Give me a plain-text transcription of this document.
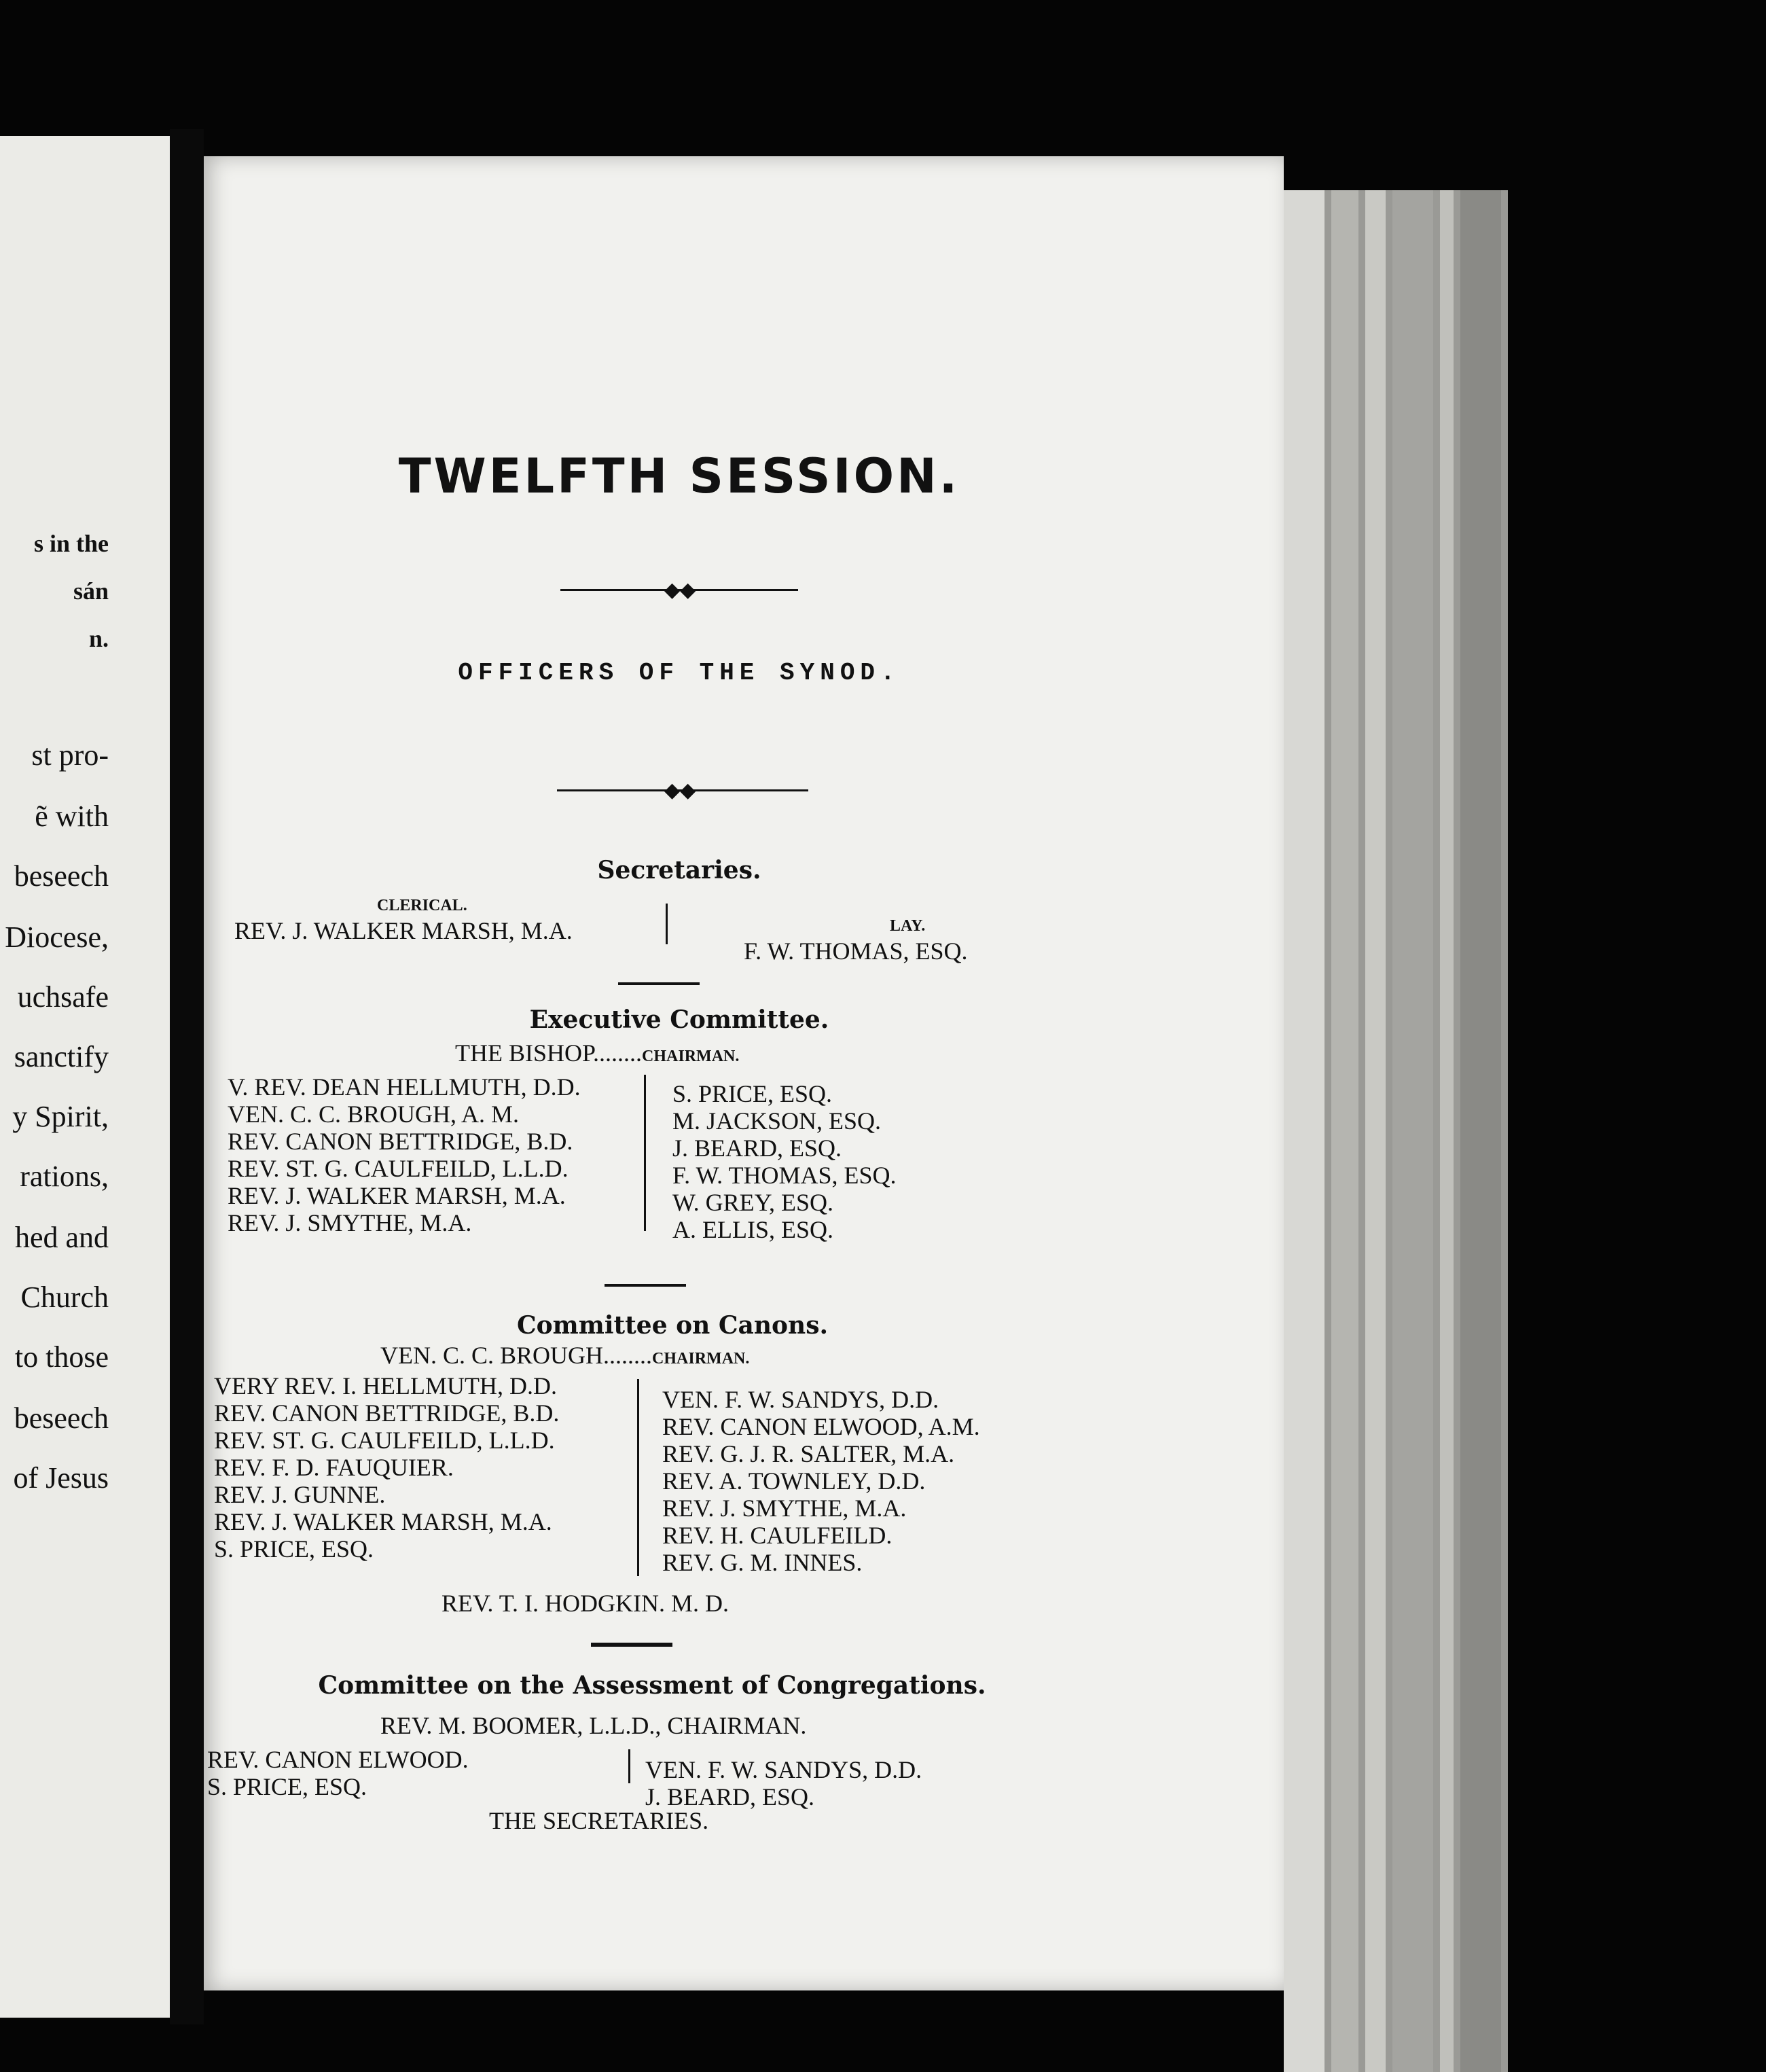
s in the
sán
n.
st pro-
ẽ with
beseech
Diocese,
uchsafe
sanctify
y Spirit,
rations,
hed and
Church
to those
beseech
of Jesus
TWELFTH SESSION.
◆◆
OFFICERS OF THE SYNOD.
◆◆
Secretaries.
CLERICAL.
LAY.
REV. J. WALKER MARSH, M.A.
F. W. THOMAS, ESQ.
Executive Committee.
THE BISHOP........CHAIRMAN.
V. REV. DEAN HELLMUTH, D.D.
VEN. C. C. BROUGH, A. M.
REV. CANON BETTRIDGE, B.D.
REV. ST. G. CAULFEILD, L.L.D.
REV. J. WALKER MARSH, M.A.
REV. J. SMYTHE, M.A.
S. PRICE, ESQ.
M. JACKSON, ESQ.
J. BEARD, ESQ.
F. W. THOMAS, ESQ.
W. GREY, ESQ.
A. ELLIS, ESQ.
Committee on Canons.
VEN. C. C. BROUGH........CHAIRMAN.
VERY REV. I. HELLMUTH, D.D.
REV. CANON BETTRIDGE, B.D.
REV. ST. G. CAULFEILD, L.L.D.
REV. F. D. FAUQUIER.
REV. J. GUNNE.
REV. J. WALKER MARSH, M.A.
S. PRICE, ESQ.
VEN. F. W. SANDYS, D.D.
REV. CANON ELWOOD, A.M.
REV. G. J. R. SALTER, M.A.
REV. A. TOWNLEY, D.D.
REV. J. SMYTHE, M.A.
REV. H. CAULFEILD.
REV. G. M. INNES.
REV. T. I. HODGKIN. M. D.
Committee on the Assessment of Congregations.
REV. M. BOOMER, L.L.D., CHAIRMAN.
REV. CANON ELWOOD.
S. PRICE, ESQ.
VEN. F. W. SANDYS, D.D.
J. BEARD, ESQ.
THE SECRETARIES.
